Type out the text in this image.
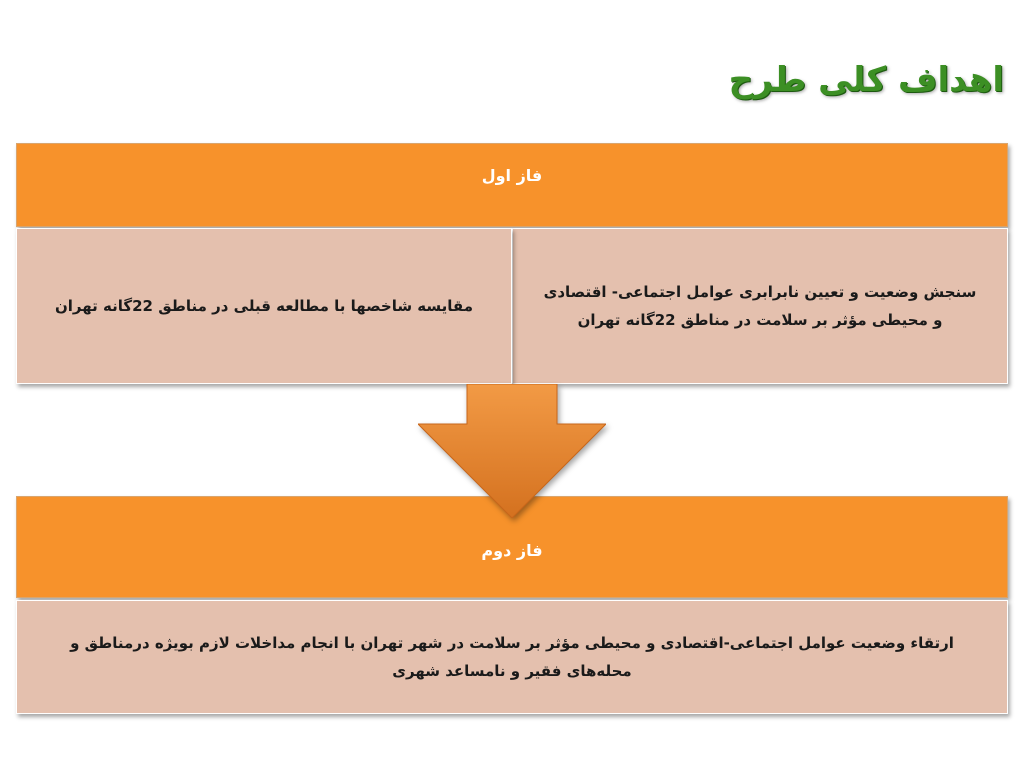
اهداف کلی طرح
فاز اول
سنجش وضعیت و تعیین نابرابری عوامل اجتماعی- اقتصادی و محیطی مؤثر بر سلامت در مناطق 22گانه تهران
مقایسه شاخصها با مطالعه قبلی در مناطق 22گانه تهران
فاز دوم
ارتقاء وضعیت عوامل اجتماعی-اقتصادی و محیطی مؤثر بر سلامت در شهر تهران با انجام مداخلات لازم بویژه درمناطق و محله‌های فقیر و نامساعد شهری
